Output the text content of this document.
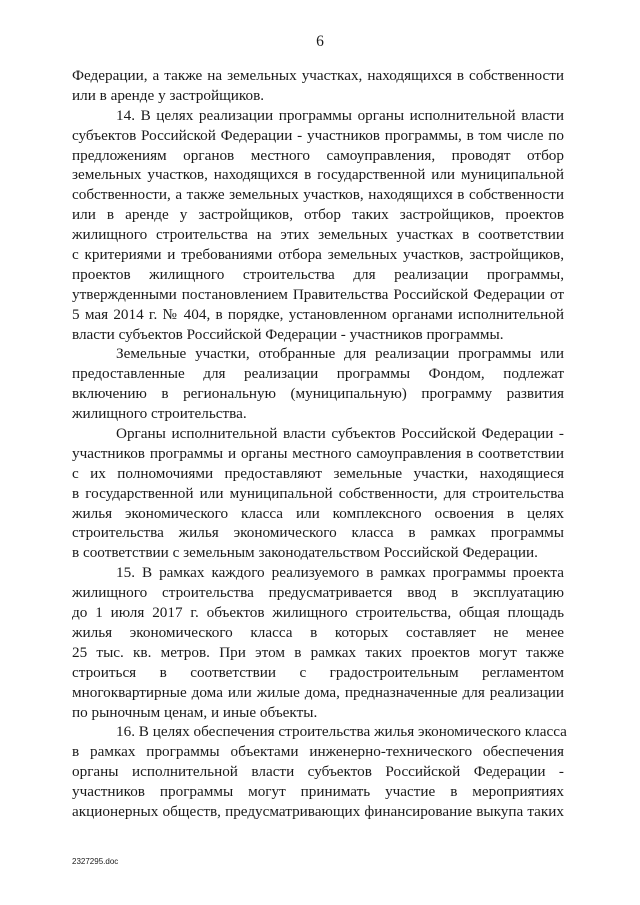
6
Федерации, а также на земельных участках, находящихся в собственности
или в аренде у застройщиков.
14. В целях реализации программы органы исполнительной власти
субъектов Российской Федерации - участников программы, в том числе по
предложениям органов местного самоуправления, проводят отбор
земельных участков, находящихся в государственной или муниципальной
собственности, а также земельных участков, находящихся в собственности
или в аренде у застройщиков, отбор таких застройщиков, проектов
жилищного строительства на этих земельных участках в соответствии
с критериями и требованиями отбора земельных участков, застройщиков,
проектов жилищного строительства для реализации программы,
утвержденными постановлением Правительства Российской Федерации от
5 мая 2014 г. № 404, в порядке, установленном органами исполнительной
власти субъектов Российской Федерации - участников программы.
Земельные участки, отобранные для реализации программы или
предоставленные для реализации программы Фондом, подлежат
включению в региональную (муниципальную) программу развития
жилищного строительства.
Органы исполнительной власти субъектов Российской Федерации -
участников программы и органы местного самоуправления в соответствии
с их полномочиями предоставляют земельные участки, находящиеся
в государственной или муниципальной собственности, для строительства
жилья экономического класса или комплексного освоения в целях
строительства жилья экономического класса в рамках программы
в соответствии с земельным законодательством Российской Федерации.
15. В рамках каждого реализуемого в рамках программы проекта
жилищного строительства предусматривается ввод в эксплуатацию
до 1 июля 2017 г. объектов жилищного строительства, общая площадь
жилья экономического класса в которых составляет не менее
25 тыс. кв. метров. При этом в рамках таких проектов могут также
строиться в соответствии с градостроительным регламентом
многоквартирные дома или жилые дома, предназначенные для реализации
по рыночным ценам, и иные объекты.
16. В целях обеспечения строительства жилья экономического класса
в рамках программы объектами инженерно-технического обеспечения
органы исполнительной власти субъектов Российской Федерации -
участников программы могут принимать участие в мероприятиях
акционерных обществ, предусматривающих финансирование выкупа таких
2327295.doc
